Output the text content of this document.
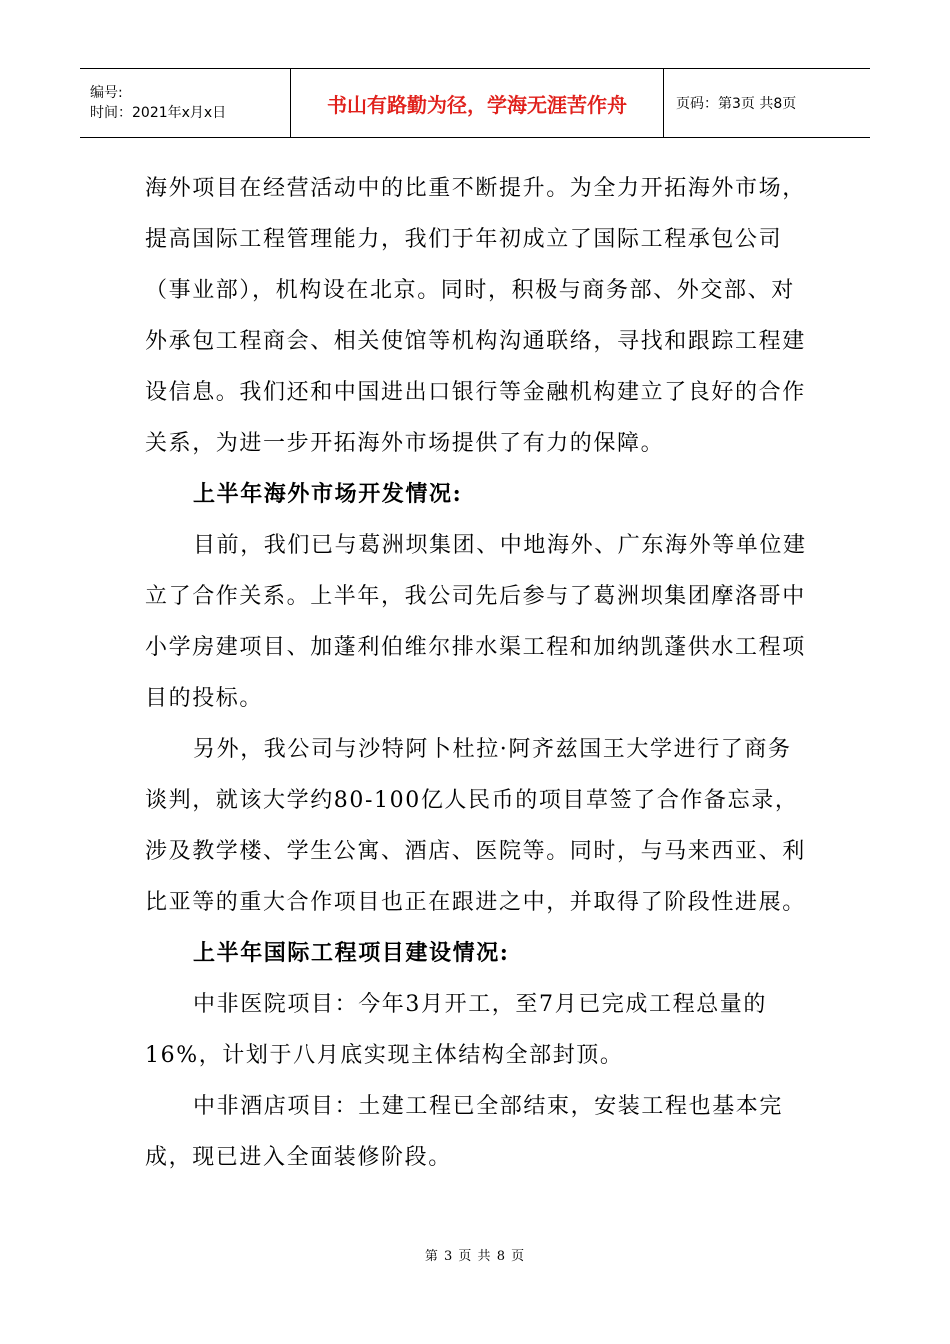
编号:
时间：2021年x月x日	书山有路勤为径，学海无涯苦作舟	页码：第3页 共8页

海外项目在经营活动中的比重不断提升。为全力开拓海外市场，提高国际工程管理能力，我们于年初成立了国际工程承包公司（事业部），机构设在北京。同时，积极与商务部、外交部、对外承包工程商会、相关使馆等机构沟通联络，寻找和跟踪工程建设信息。我们还和中国进出口银行等金融机构建立了良好的合作关系，为进一步开拓海外市场提供了有力的保障。

上半年海外市场开发情况:

目前，我们已与葛洲坝集团、中地海外、广东海外等单位建立了合作关系。上半年，我公司先后参与了葛洲坝集团摩洛哥中小学房建项目、加蓬利伯维尔排水渠工程和加纳凯蓬供水工程项目的投标。

另外，我公司与沙特阿卜杜拉·阿齐兹国王大学进行了商务谈判，就该大学约80-100亿人民币的项目草签了合作备忘录，涉及教学楼、学生公寓、酒店、医院等。同时，与马来西亚、利比亚等的重大合作项目也正在跟进之中，并取得了阶段性进展。

上半年国际工程项目建设情况:

中非医院项目：今年3月开工，至7月已完成工程总量的16%，计划于八月底实现主体结构全部封顶。

中非酒店项目：土建工程已全部结束，安装工程也基本完成，现已进入全面装修阶段。

第 3 页 共 8 页
